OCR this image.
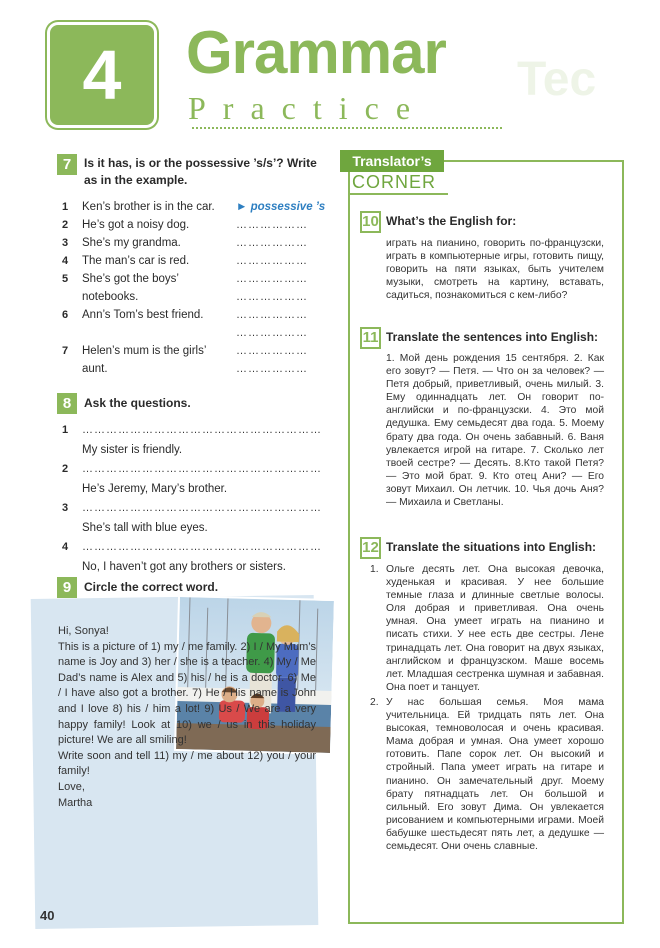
4	Grammar Tec
Practice
7	Is it has, is or the possessive ’s/s’? Write
as in the example.
1 Ken’s brother is in the car. ► possessive ’s
2 He’s got a noisy dog.	………………
3 She’s my grandma.	………………
4 The man’s car is red.	………………
5 She’s got the boys’	………………
notebooks.	………………
6 Ann’s Tom’s best friend.	………………
………………
7 Helen’s mum is the girls’	………………
aunt.	………………
8	Ask the questions.
1 ……………………………………………………
My sister is friendly.
2 ……………………………………………………
He’s Jeremy, Mary’s brother.
3 ……………………………………………………
She’s tall with blue eyes.
4 ……………………………………………………
No, I haven’t got any brothers or sisters.
9	Circle the correct word.

Hi, Sonya!

This is a picture of 1) my / me family. 2) I / My Mum’s name is Joy and 3) her / she is a teacher. 4) My / Me Dad’s name is Alex and 5) his / he is a doctor. 6) Me / I have also got a brother. 7) He / His name is John and I love 8) his / him a lot! 9) Us / We are a very happy family! Look at 10) we / us in this holiday picture! We are all smiling!

Write soon and tell 11) my / me about 12) you / your family!

Love,

Martha

Translator’s
CORNER
10 What’s the English for:
играть на пианино, говорить по-французски, играть в компьютерные игры, готовить пищу, говорить на пяти языках, быть учителем музыки, смотреть на картину, вставать, садиться, познакомиться с кем-либо?
11 Translate the sentences into English:
1. Мой день рождения 15 сентября. 2. Как его зовут? — Петя. — Что он за человек? — Петя добрый, приветливый, очень милый. 3. Ему одиннадцать лет. Он говорит по-английски и по-французски. 4. Это мой дедушка. Ему семьдесят два года. 5. Моему брату два года. Он очень забавный. 6. Ваня увлекается игрой на гитаре. 7. Сколько лет твоей сестре? — Десять. 8.Кто такой Петя? — Это мой брат. 9. Кто отец Ани? — Его зовут Михаил. Он летчик. 10. Чья дочь Аня? — Михаила и Светланы.
12 Translate the situations into English:
1. Ольге десять лет. Она высокая девочка, худенькая и красивая. У нее большие темные глаза и длинные светлые волосы. Оля добрая и приветливая. Она очень умная. Она умеет играть на пианино и писать стихи. У нее есть две сестры. Лене тринадцать лет. Она говорит на двух языках, английском и французском. Маше восемь лет. Младшая сестренка шумная и забавная. Она поет и танцует.
2. У нас большая семья. Моя мама учительница. Ей тридцать пять лет. Она высокая, темноволосая и очень красивая. Мама добрая и умная. Она умеет хорошо готовить. Папе сорок лет. Он высокий и стройный. Папа умеет играть на гитаре и пианино. Он замечательный друг. Моему брату пятнадцать лет. Он большой и сильный. Его зовут Дима. Он увлекается рисованием и компьютерными играми. Моей бабушке шестьдесят пять лет, а дедушке — семьдесят. Они очень славные.
40
